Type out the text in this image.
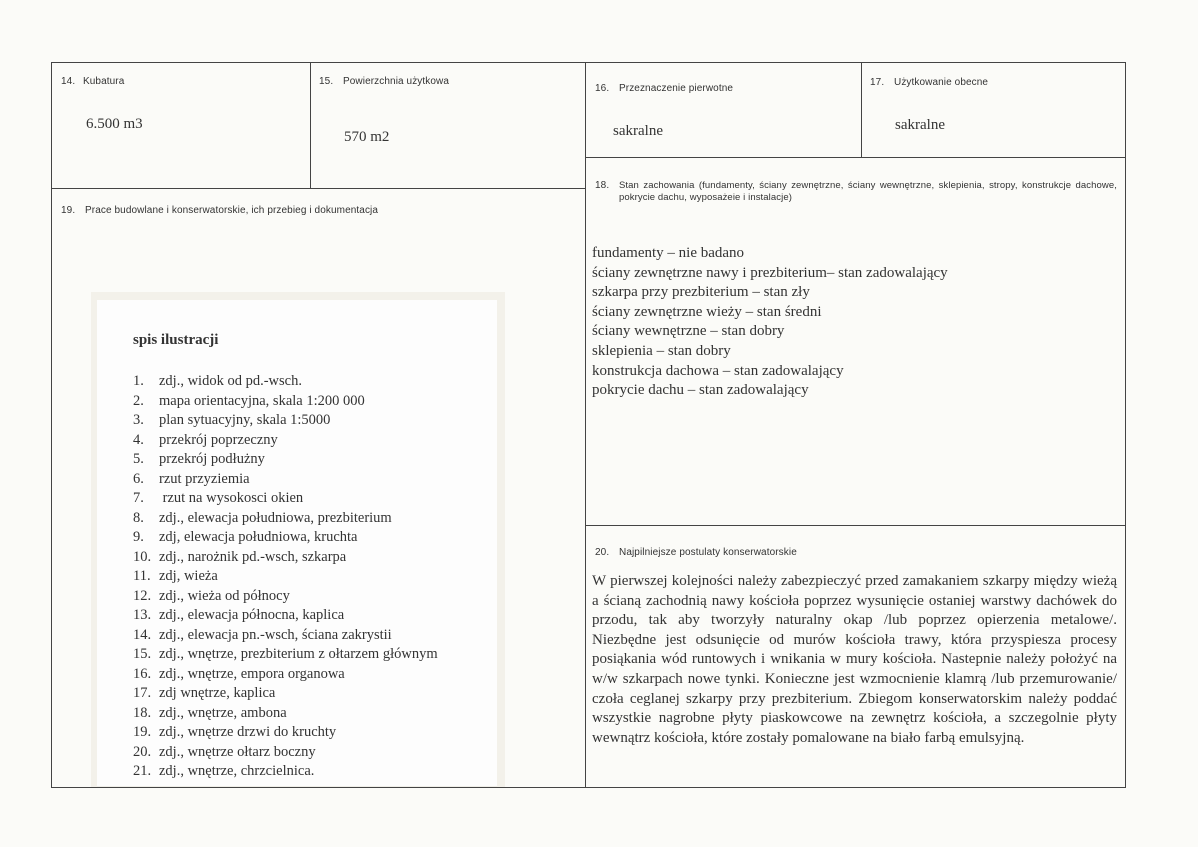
14. Kubatura
6.500 m3
15. Powierzchnia użytkowa
570 m2
16. Przeznaczenie pierwotne
sakralne
17. Użytkowanie obecne
sakralne
18. Stan zachowania (fundamenty, ściany zewnętrzne, ściany wewnętrzne, sklepienia, stropy, konstrukcje dachowe, pokrycie dachu, wyposażeie i instalacje)
fundamenty – nie badano
ściany zewnętrzne nawy i prezbiterium– stan zadowalający
szkarpa przy prezbiterium – stan zły
ściany zewnętrzne wieży – stan średni
ściany wewnętrzne – stan dobry
sklepienia – stan dobry
konstrukcja dachowa – stan zadowalający
pokrycie dachu – stan zadowalający
19. Prace budowlane i konserwatorskie, ich przebieg i dokumentacja
spis ilustracji
1. zdj., widok od pd.-wsch.
2. mapa orientacyjna, skala 1:200 000
3. plan sytuacyjny, skala 1:5000
4. przekrój poprzeczny
5. przekrój podłużny
6. rzut przyziemia
7. rzut na wysokosci okien
8. zdj., elewacja południowa, prezbiterium
9. zdj, elewacja południowa, kruchta
10. zdj., narożnik pd.-wsch, szkarpa
11. zdj, wieża
12. zdj., wieża od północy
13. zdj., elewacja północna, kaplica
14. zdj., elewacja pn.-wsch, ściana zakrystii
15. zdj., wnętrze, prezbiterium z ołtarzem głównym
16. zdj., wnętrze, empora organowa
17. zdj wnętrze, kaplica
18. zdj., wnętrze, ambona
19. zdj., wnętrze drzwi do kruchty
20. zdj., wnętrze ołtarz boczny
21. zdj., wnętrze, chrzcielnica.
20. Najpilniejsze postulaty konserwatorskie

W pierwszej kolejności należy zabezpieczyć przed zamakaniem szkarpy między wieżą a ścianą zachodnią nawy kościoła poprzez wysunięcie ostaniej warstwy dachówek do przodu, tak aby tworzyły naturalny okap /lub poprzez opierzenia metalowe/. Niezbędne jest odsunięcie od murów kościoła trawy, która przyspiesza procesy posiąkania wód runtowych i wnikania w mury kościoła. Nastepnie należy położyć na w/w szkarpach nowe tynki. Konieczne jest wzmocnienie klamrą /lub przemurowanie/ czoła ceglanej szkarpy przy prezbiterium. Zbiegom konserwatorskim należy poddać wszystkie nagrobne płyty piaskowcowe na zewnętrz kościoła, a szczegolnie płyty wewnątrz kościoła, które zostały pomalowane na biało farbą emulsyjną.
